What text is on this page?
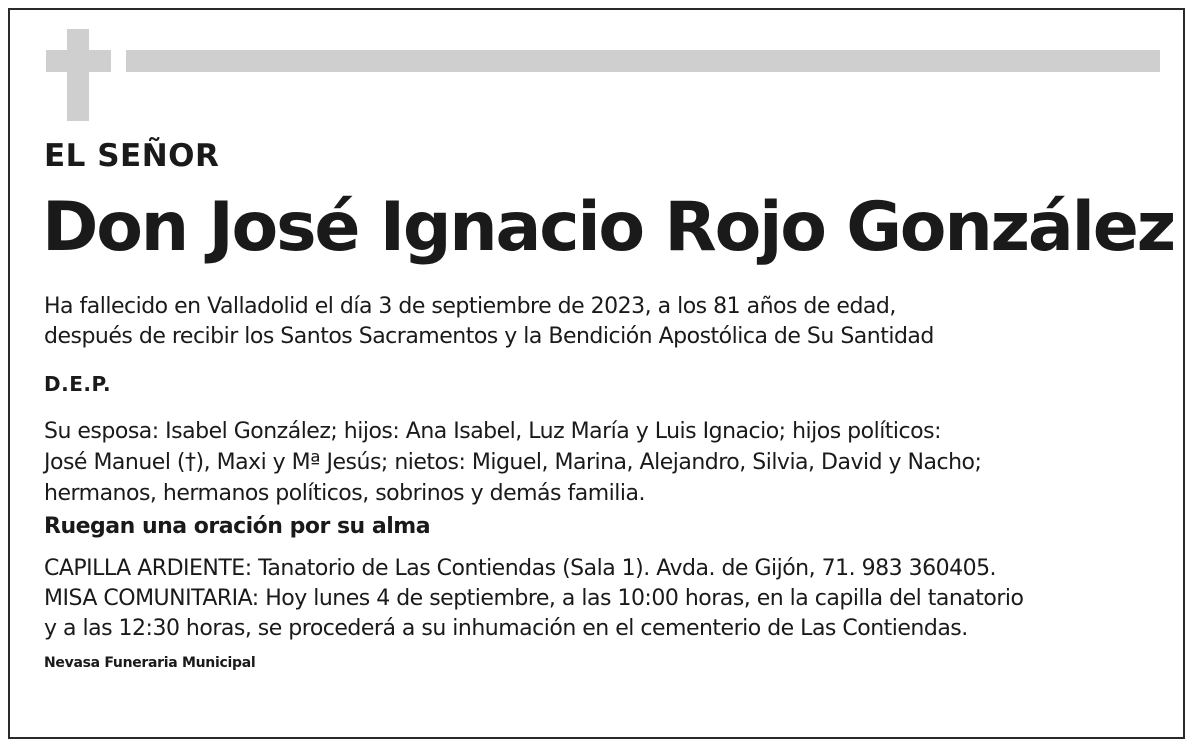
EL SEÑOR
Don José Ignacio Rojo González
Ha fallecido en Valladolid el día 3 de septiembre de 2023, a los 81 años de edad,
después de recibir los Santos Sacramentos y la Bendición Apostólica de Su Santidad
D.E.P.
Su esposa: Isabel González; hijos: Ana Isabel, Luz María y Luis Ignacio; hijos políticos:
José Manuel (†), Maxi y Mª Jesús; nietos: Miguel, Marina, Alejandro, Silvia, David y Nacho;
hermanos, hermanos políticos, sobrinos y demás familia.
Ruegan una oración por su alma
CAPILLA ARDIENTE: Tanatorio de Las Contiendas (Sala 1). Avda. de Gijón, 71. 983 360405.
MISA COMUNITARIA: Hoy lunes 4 de septiembre, a las 10:00 horas, en la capilla del tanatorio
y a las 12:30 horas, se procederá a su inhumación en el cementerio de Las Contiendas.
Nevasa Funeraria Municipal
